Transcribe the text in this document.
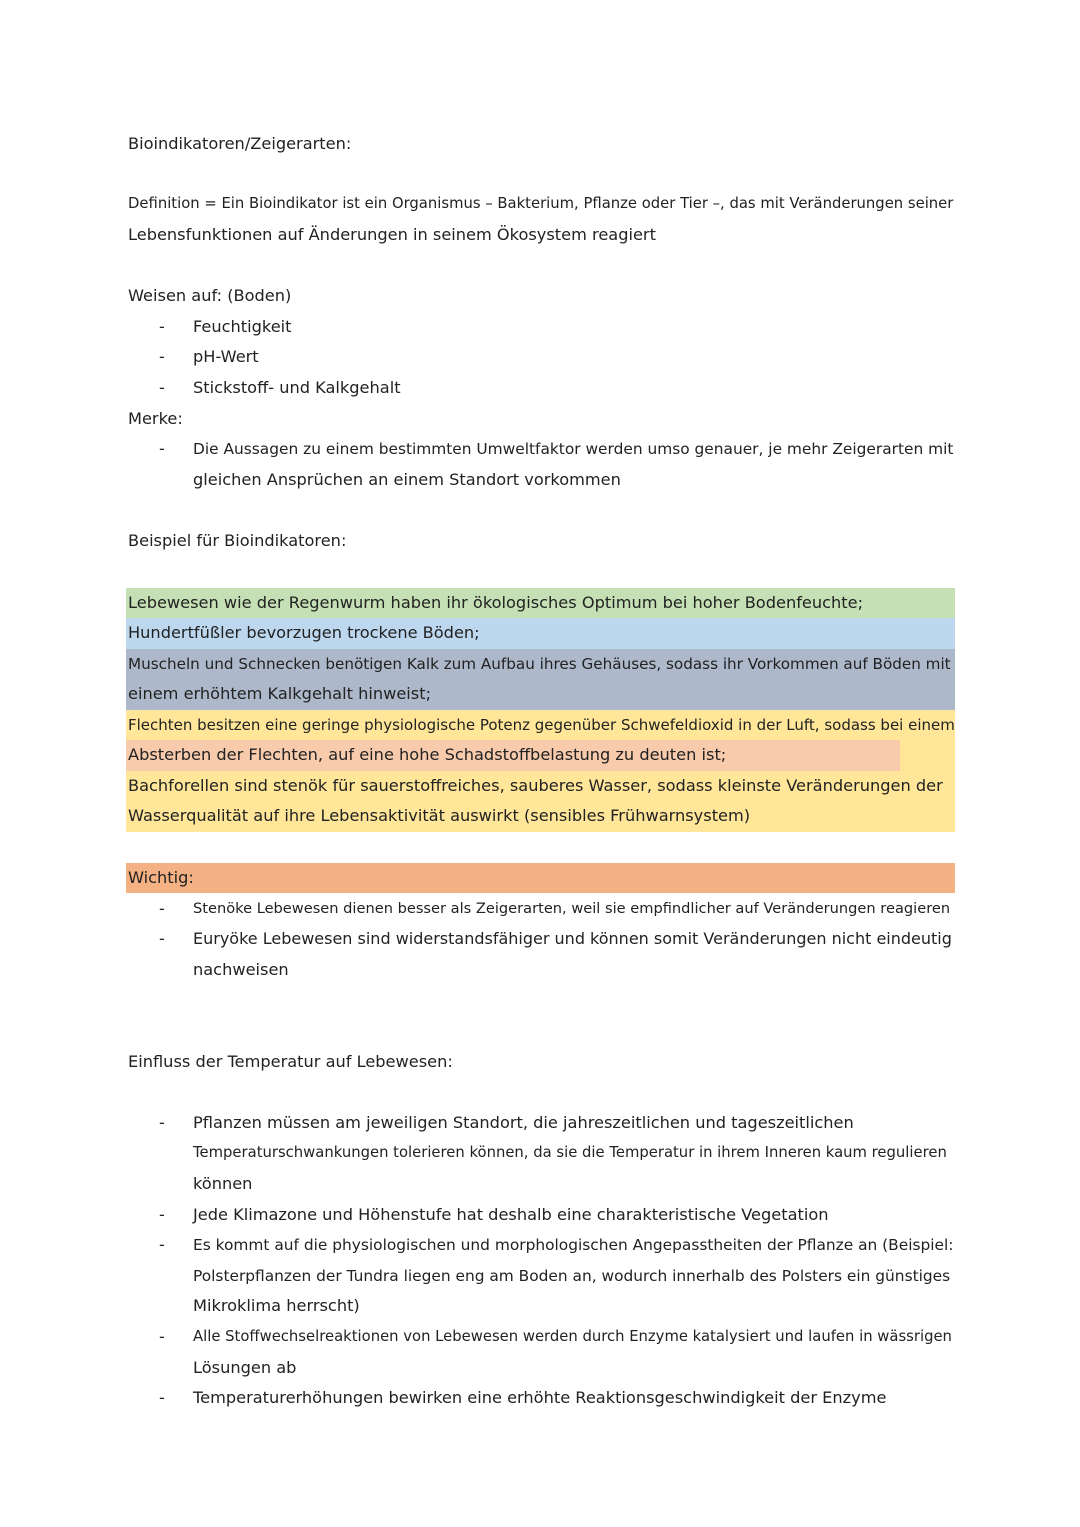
Bioindikatoren/Zeigerarten:
Definition = Ein Bioindikator ist ein Organismus – Bakterium, Pflanze oder Tier –, das mit Veränderungen seiner
Lebensfunktionen auf Änderungen in seinem Ökosystem reagiert
Weisen auf: (Boden)
- Feuchtigkeit
- pH-Wert
- Stickstoff- und Kalkgehalt
Merke:
- Die Aussagen zu einem bestimmten Umweltfaktor werden umso genauer, je mehr Zeigerarten mit
gleichen Ansprüchen an einem Standort vorkommen
Beispiel für Bioindikatoren:
Lebewesen wie der Regenwurm haben ihr ökologisches Optimum bei hoher Bodenfeuchte;
Hundertfüßler bevorzugen trockene Böden;
Muscheln und Schnecken benötigen Kalk zum Aufbau ihres Gehäuses, sodass ihr Vorkommen auf Böden mit
einem erhöhtem Kalkgehalt hinweist;
Flechten besitzen eine geringe physiologische Potenz gegenüber Schwefeldioxid in der Luft, sodass bei einem
Absterben der Flechten, auf eine hohe Schadstoffbelastung zu deuten ist;
Bachforellen sind stenök für sauerstoffreiches, sauberes Wasser, sodass kleinste Veränderungen der
Wasserqualität auf ihre Lebensaktivität auswirkt (sensibles Frühwarnsystem)
Wichtig:
- Stenöke Lebewesen dienen besser als Zeigerarten, weil sie empfindlicher auf Veränderungen reagieren
- Euryöke Lebewesen sind widerstandsfähiger und können somit Veränderungen nicht eindeutig
nachweisen
Einfluss der Temperatur auf Lebewesen:
- Pflanzen müssen am jeweiligen Standort, die jahreszeitlichen und tageszeitlichen
Temperaturschwankungen tolerieren können, da sie die Temperatur in ihrem Inneren kaum regulieren
können
- Jede Klimazone und Höhenstufe hat deshalb eine charakteristische Vegetation
- Es kommt auf die physiologischen und morphologischen Angepasstheiten der Pflanze an (Beispiel:
Polsterpflanzen der Tundra liegen eng am Boden an, wodurch innerhalb des Polsters ein günstiges
Mikroklima herrscht)
- Alle Stoffwechselreaktionen von Lebewesen werden durch Enzyme katalysiert und laufen in wässrigen
Lösungen ab
- Temperaturerhöhungen bewirken eine erhöhte Reaktionsgeschwindigkeit der Enzyme
